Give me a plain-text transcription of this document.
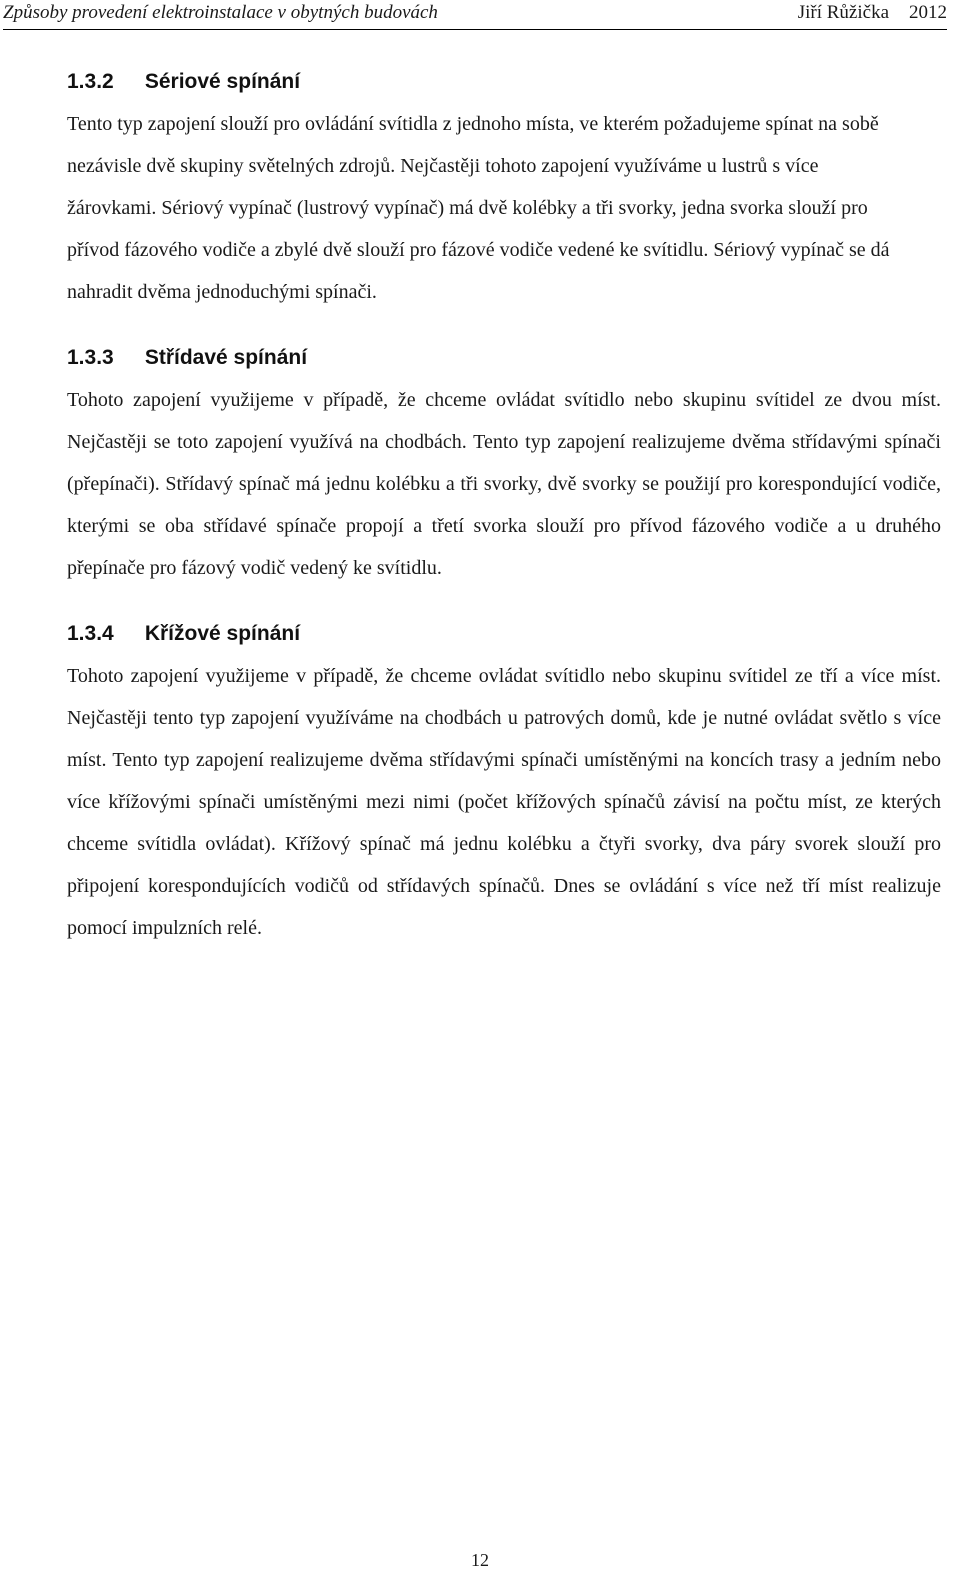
Způsoby provedení elektroinstalace v obytných budovách	Jiří Růžička 2012
1.3.2 Sériové spínání

Tento typ zapojení slouží pro ovládání svítidla z jednoho místa, ve kterém požadujeme spínat na sobě nezávisle dvě skupiny světelných zdrojů. Nejčastěji tohoto zapojení využíváme u lustrů s více žárovkami. Sériový vypínač (lustrový vypínač) má dvě kolébky a tři svorky, jedna svorka slouží pro přívod fázového vodiče a zbylé dvě slouží pro fázové vodiče vedené ke svítidlu. Sériový vypínač se dá nahradit dvěma jednoduchými spínači.

1.3.3 Střídavé spínání

Tohoto zapojení využijeme v případě, že chceme ovládat svítidlo nebo skupinu svítidel ze dvou míst. Nejčastěji se toto zapojení využívá na chodbách. Tento typ zapojení realizujeme dvěma střídavými spínači (přepínači). Střídavý spínač má jednu kolébku a tři svorky, dvě svorky se použijí pro korespondující vodiče, kterými se oba střídavé spínače propojí a třetí svorka slouží pro přívod fázového vodiče a u druhého přepínače pro fázový vodič vedený ke svítidlu.

1.3.4 Křížové spínání

Tohoto zapojení využijeme v případě, že chceme ovládat svítidlo nebo skupinu svítidel ze tří a více míst. Nejčastěji tento typ zapojení využíváme na chodbách u patrových domů, kde je nutné ovládat světlo s více míst. Tento typ zapojení realizujeme dvěma střídavými spínači umístěnými na koncích trasy a jedním nebo více křížovými spínači umístěnými mezi nimi (počet křížových spínačů závisí na počtu míst, ze kterých chceme svítidla ovládat). Křížový spínač má jednu kolébku a čtyři svorky, dva páry svorek slouží pro připojení korespondujících vodičů od střídavých spínačů. Dnes se ovládání s více než tří míst realizuje pomocí impulzních relé.

12
